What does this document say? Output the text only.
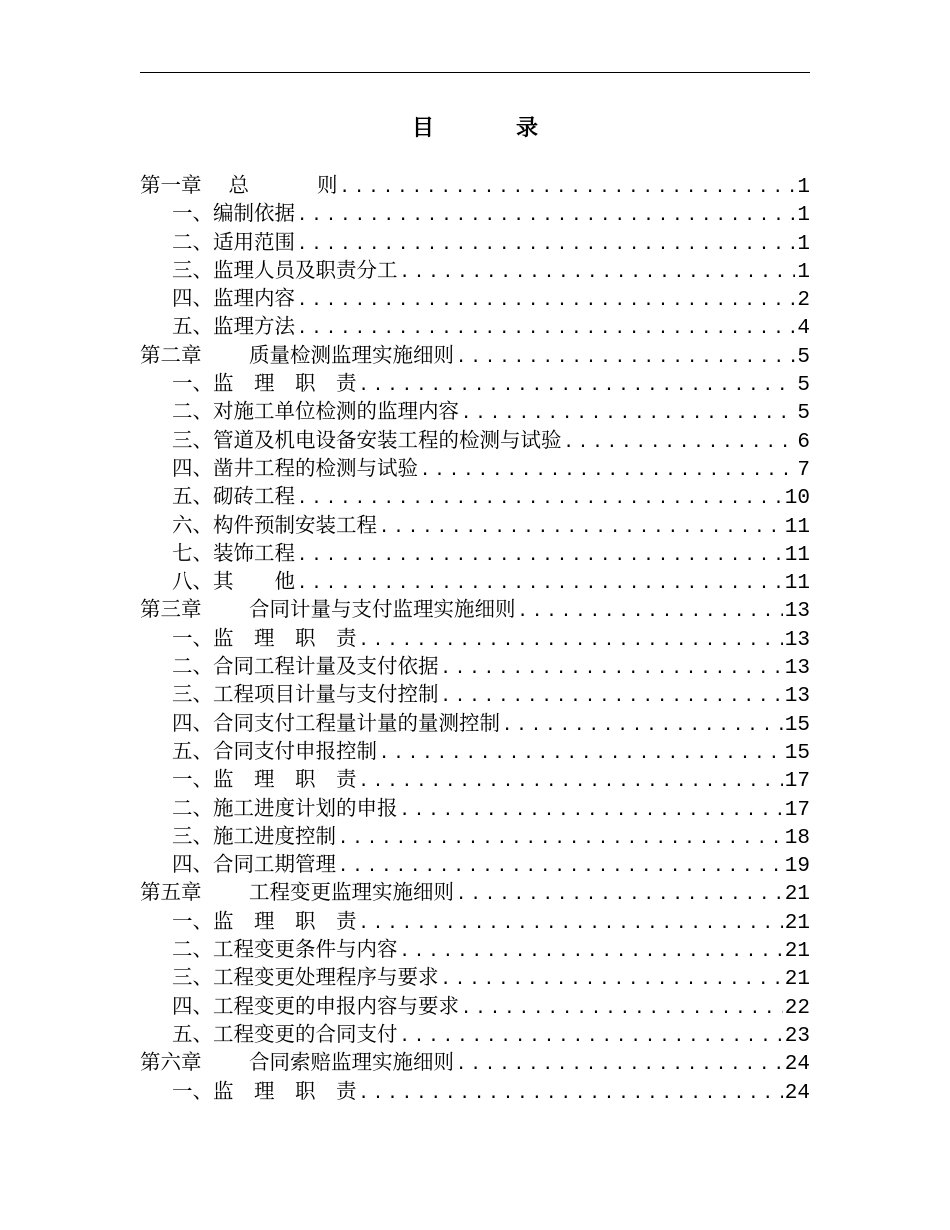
目	录
第一章　 总　　　 则 .....	1
一、编制依据 .....	1
二、适用范围 .....	1
三、监理人员及职责分工 .....	1
四、监理内容 .....	2
五、监理方法 .....	4
第二章　　 质量检测监理实施细则 .....	5
一、监　理　职　责 .....	5
二、对施工单位检测的监理内容 .....	5
三、管道及机电设备安装工程的检测与试验 .....	6
四、凿井工程的检测与试验 .....	7
五、砌砖工程 .....	10
六、构件预制安装工程 .....	11
七、装饰工程 .....	11
八、其　　他 .....	11
第三章　　 合同计量与支付监理实施细则 .....	13
一、监　理　职　责 .....	13
二、合同工程计量及支付依据 .....	13
三、工程项目计量与支付控制 .....	13
四、合同支付工程量计量的量测控制 .....	15
五、合同支付申报控制 .....	15
一、监　理　职　责 .....	17
二、施工进度计划的申报 .....	17
三、施工进度控制 .....	18
四、合同工期管理 .....	19
第五章　　 工程变更监理实施细则 .....	21
一、监　理　职　责 .....	21
二、工程变更条件与内容 .....	21
三、工程变更处理程序与要求 .....	21
四、工程变更的申报内容与要求 .....	22
五、工程变更的合同支付 .....	23
第六章　　 合同索赔监理实施细则 .....	24
一、监　理　职　责 .....	24
